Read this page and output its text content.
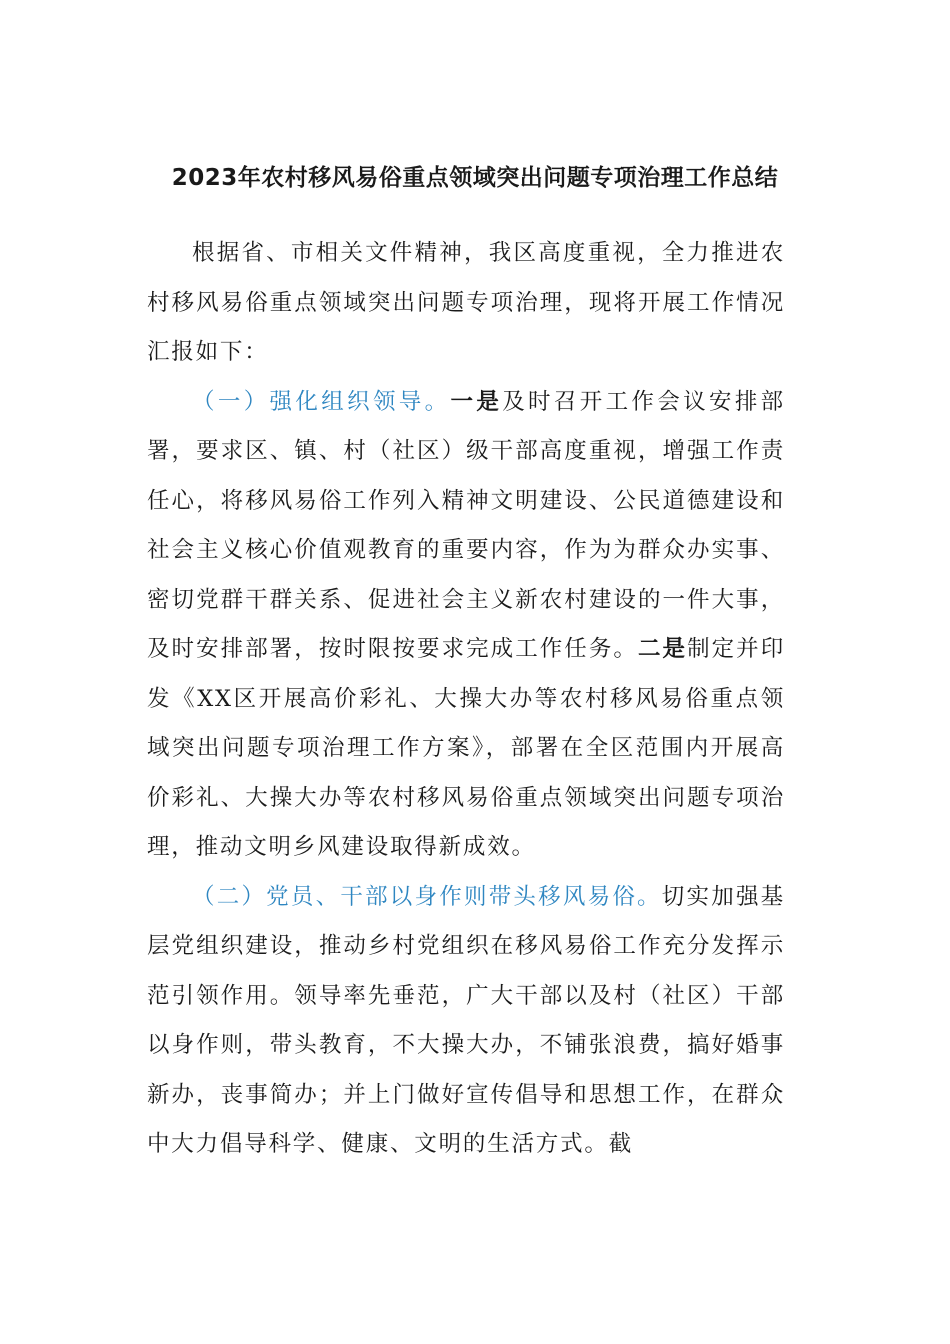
2023年农村移风易俗重点领域突出问题专项治理工作总结

根据省、市相关文件精神，我区高度重视，全力推进农村移风易俗重点领域突出问题专项治理，现将开展工作情况汇报如下：

（一）强化组织领导。一是及时召开工作会议安排部署，要求区、镇、村（社区）级干部高度重视，增强工作责任心，将移风易俗工作列入精神文明建设、公民道德建设和社会主义核心价值观教育的重要内容，作为为群众办实事、密切党群干群关系、促进社会主义新农村建设的一件大事，及时安排部署，按时限按要求完成工作任务。二是制定并印发《XX区开展高价彩礼、大操大办等农村移风易俗重点领域突出问题专项治理工作方案》，部署在全区范围内开展高价彩礼、大操大办等农村移风易俗重点领域突出问题专项治理，推动文明乡风建设取得新成效。

（二）党员、干部以身作则带头移风易俗。切实加强基层党组织建设，推动乡村党组织在移风易俗工作充分发挥示范引领作用。领导率先垂范，广大干部以及村（社区）干部以身作则，带头教育，不大操大办，不铺张浪费，搞好婚事新办，丧事简办；并上门做好宣传倡导和思想工作，在群众中大力倡导科学、健康、文明的生活方式。截
